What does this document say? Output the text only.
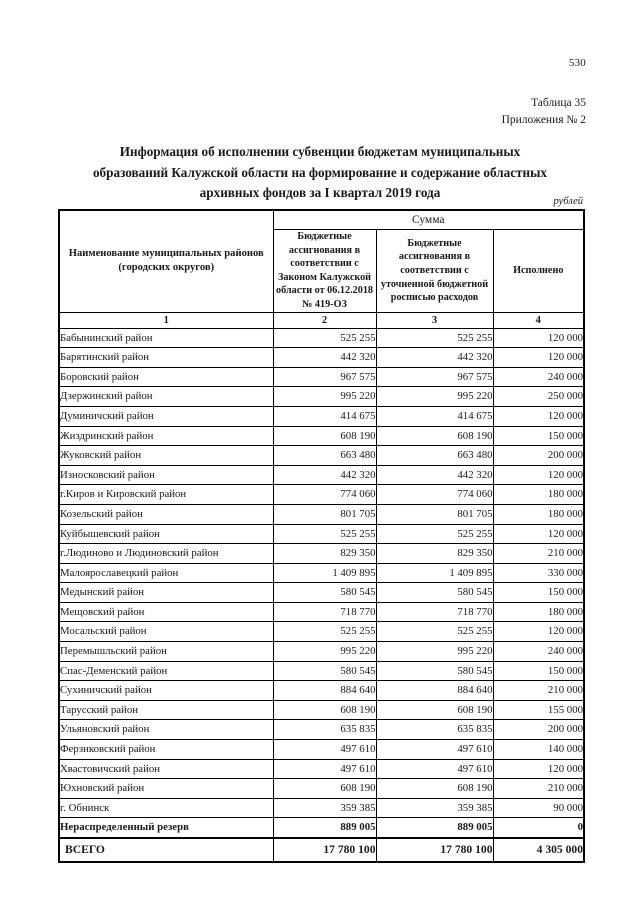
530
Таблица 35
Приложения № 2
Информация об исполнении субвенции бюджетам муниципальных
образований Калужской области на формирование и содержание областных
архивных фондов за I квартал 2019 года
рублей
Наименование муниципальных районов (городских округов)	Сумма		
	Бюджетные ассигнования в соответствии с Законом Калужской области от 06.12.2018 № 419-ОЗ	Бюджетные ассигнования в соответствии с уточненной бюджетной росписью расходов	Исполнено
1	2	3	4
Бабынинский район	525 255	525 255	120 000
Барятинский район	442 320	442 320	120 000
Боровский район	967 575	967 575	240 000
Дзержинский район	995 220	995 220	250 000
Думиничский район	414 675	414 675	120 000
Жиздринский район	608 190	608 190	150 000
Жуковский район	663 480	663 480	200 000
Износковский район	442 320	442 320	120 000
г.Киров и Кировский район	774 060	774 060	180 000
Козельский район	801 705	801 705	180 000
Куйбышевский район	525 255	525 255	120 000
г.Людиново и Людиновский район	829 350	829 350	210 000
Малоярославецкий район	1 409 895	1 409 895	330 000
Медынский район	580 545	580 545	150 000
Мещовский район	718 770	718 770	180 000
Мосальский район	525 255	525 255	120 000
Перемышльский район	995 220	995 220	240 000
Спас-Деменский район	580 545	580 545	150 000
Сухиничский район	884 640	884 640	210 000
Тарусский район	608 190	608 190	155 000
Ульяновский район	635 835	635 835	200 000
Ферзиковский район	497 610	497 610	140 000
Хвастовичский район	497 610	497 610	120 000
Юхновский район	608 190	608 190	210 000
г. Обнинск	359 385	359 385	90 000
Нераспределенный резерв	889 005	889 005	0
ВСЕГО	17 780 100	17 780 100	4 305 000
